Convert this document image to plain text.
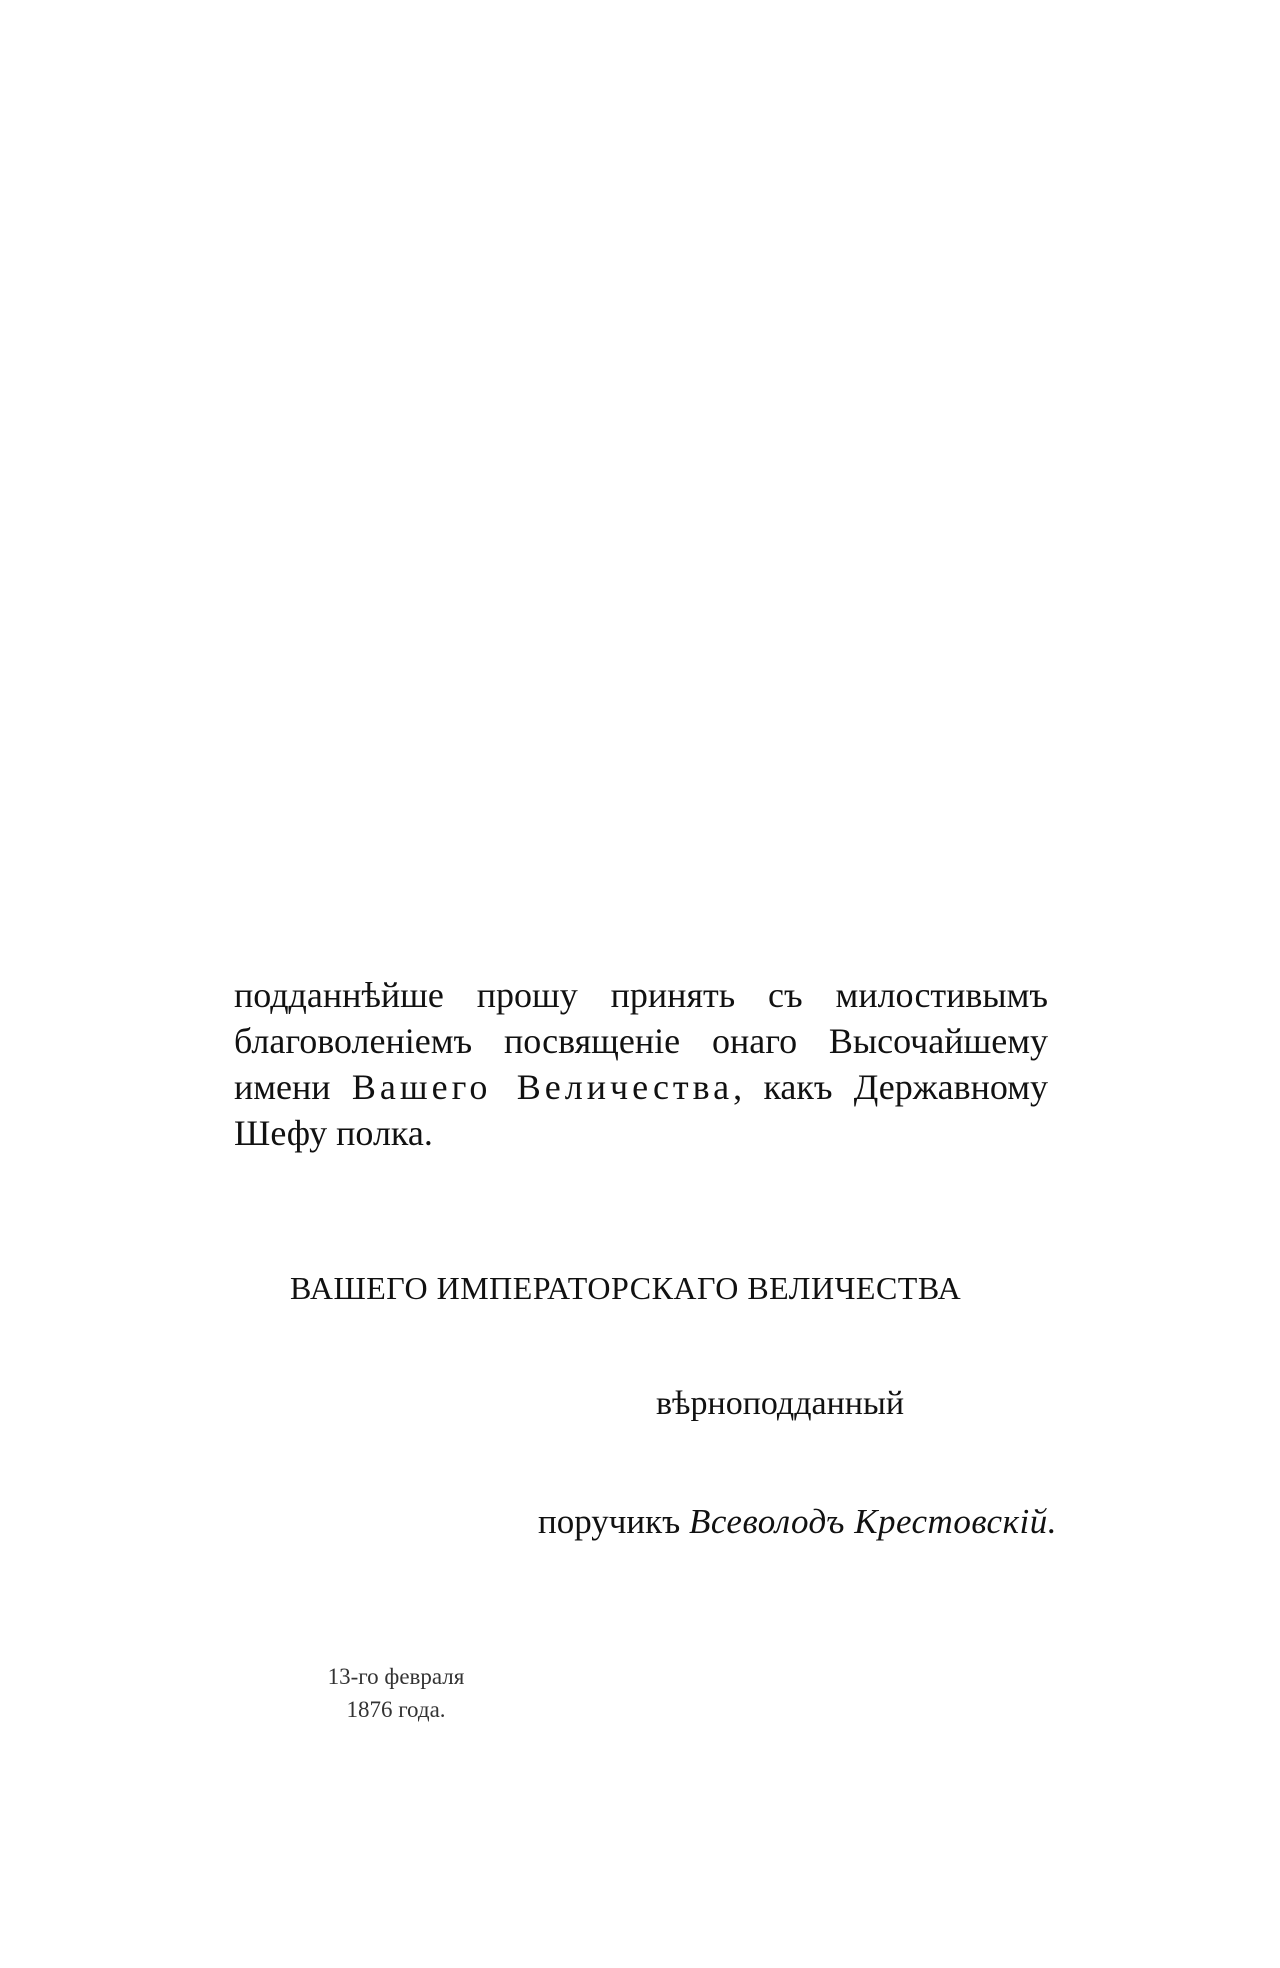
подданнѣйше прошу принять съ милостивымъ
благоволеніемъ посвященіе онаго Высочайшему
имени Вашего Величества, какъ Державному
Шефу полка.
ВАШЕГО ИМПЕРАТОРСКАГО ВЕЛИЧЕСТВА
вѣрноподданный
поручикъ Всеволодъ Крестовскій.
13-го февраля
1876 года.
